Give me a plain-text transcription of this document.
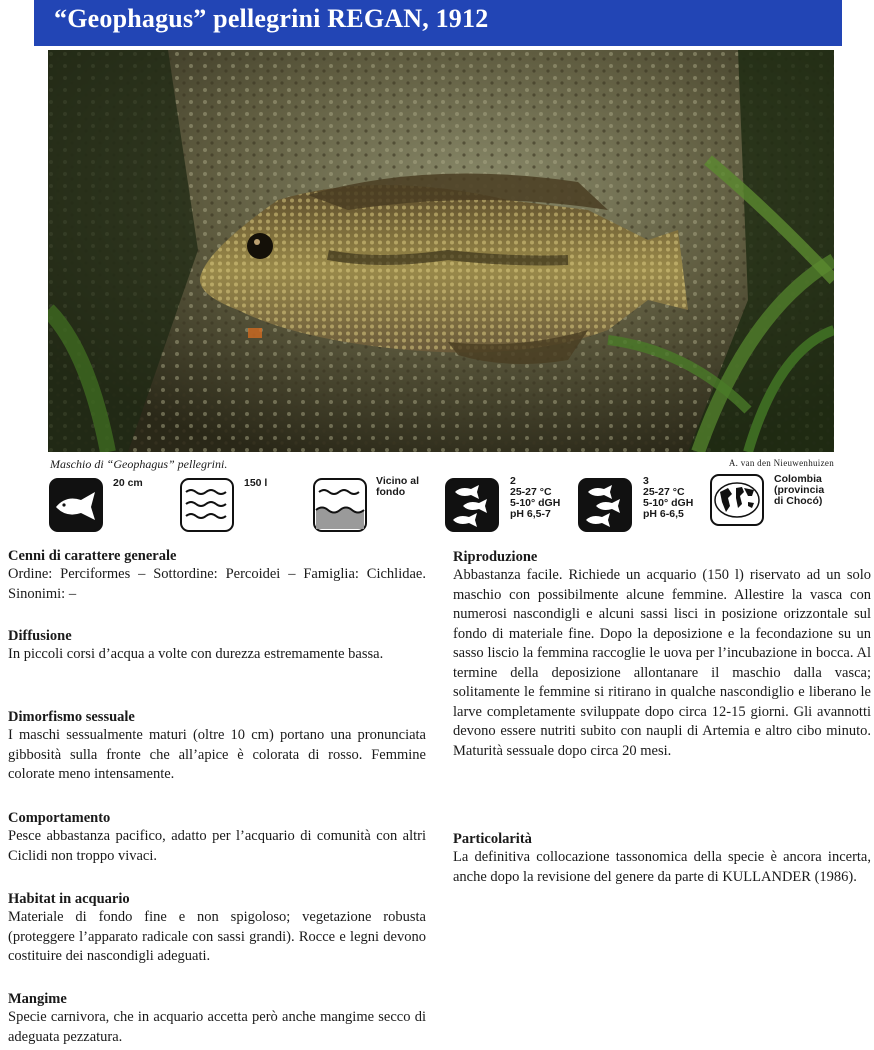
“Geophagus” pellegrini REGAN, 1912
Maschio di “Geophagus” pellegrini.	A. van den Nieuwenhuizen
20 cm	150 l	Vicino al
fondo
2
25-27 °C
5-10° dGH
pH 6,5-7
3
25-27 °C
5-10° dGH
pH 6-6,5
Colombia
(provincia
di Chocó)
Cenni di carattere generale
Ordine: Perciformes – Sottordine: Percoidei – Famiglia: Cichlidae. Sinonimi: –
Diffusione
In piccoli corsi d’acqua a volte con durezza estremamente bassa.
Dimorfismo sessuale
I maschi sessualmente maturi (oltre 10 cm) portano una pronunciata gibbosità sulla fronte che all’apice è colorata di rosso. Femmine colorate meno intensamente.
Comportamento
Pesce abbastanza pacifico, adatto per l’acquario di comunità con altri Ciclidi non troppo vivaci.
Habitat in acquario
Materiale di fondo fine e non spigoloso; vegetazione robusta (proteggere l’apparato radicale con sassi grandi). Rocce e legni devono costituire dei nascondigli adeguati.
Mangime
Specie carnivora, che in acquario accetta però anche mangime secco di adeguata pezzatura.
Riproduzione
Abbastanza facile. Richiede un acquario (150 l) riservato ad un solo maschio con possibilmente alcune femmine. Allestire la vasca con numerosi nascondigli e alcuni sassi lisci in posizione orizzontale sul fondo di materiale fine. Dopo la deposizione e la fecondazione su un sasso liscio la femmina raccoglie le uova per l’incubazione in bocca. Al termine della deposizione allontanare il maschio dalla vasca; solitamente le femmine si ritirano in qualche nascondiglio e liberano le larve completamente sviluppate dopo circa 12-15 giorni. Gli avannotti devono essere nutriti subito con naupli di Artemia e altro cibo minuto. Maturità sessuale dopo circa 20 mesi.
Particolarità
La definitiva collocazione tassonomica della specie è ancora incerta, anche dopo la revisione del genere da parte di KULLANDER (1986).
